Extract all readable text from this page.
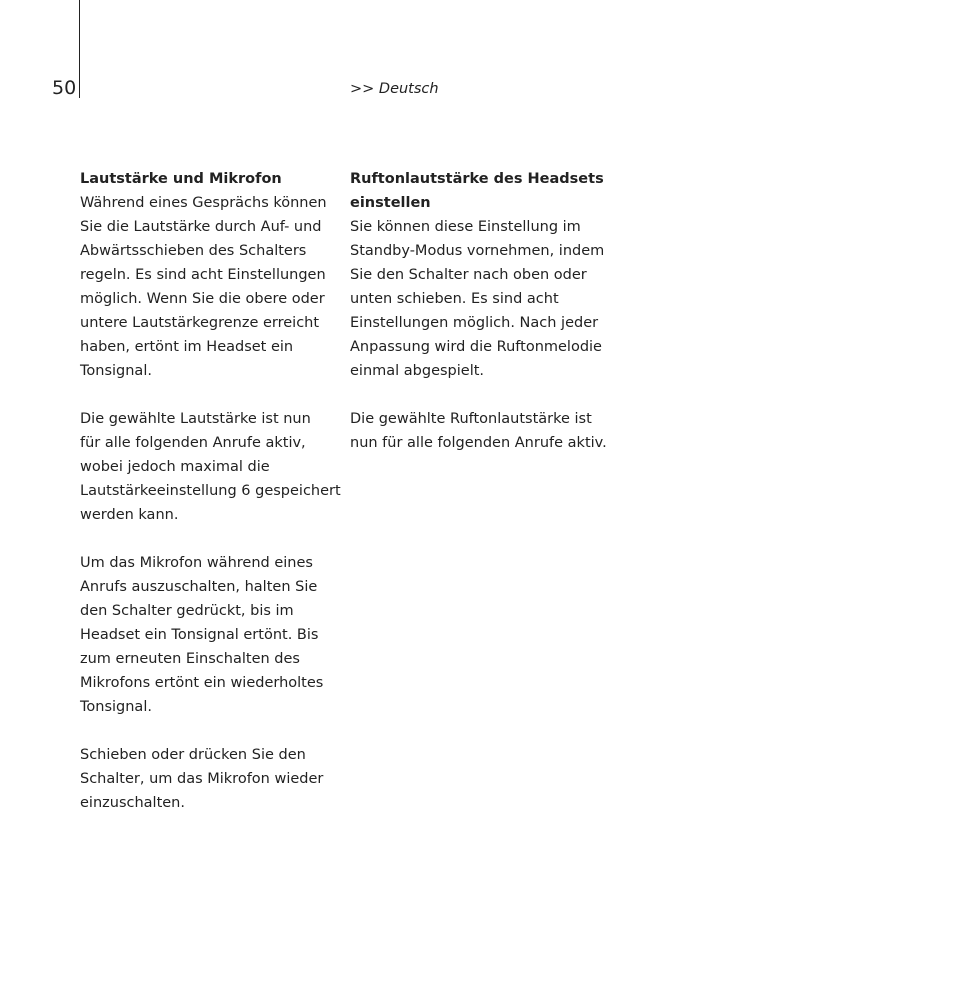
50	>> Deutsch
Lautstärke und Mikrofon
Während eines Gesprächs können
Sie die Lautstärke durch Auf- und
Abwärtsschieben des Schalters
regeln. Es sind acht Einstellungen
möglich. Wenn Sie die obere oder
untere Lautstärkegrenze erreicht
haben, ertönt im Headset ein
Tonsignal.
Die gewählte Lautstärke ist nun
für alle folgenden Anrufe aktiv,
wobei jedoch maximal die
Lautstärkeeinstellung 6 gespeichert
werden kann.
Um das Mikrofon während eines
Anrufs auszuschalten, halten Sie
den Schalter gedrückt, bis im
Headset ein Tonsignal ertönt. Bis
zum erneuten Einschalten des
Mikrofons ertönt ein wiederholtes
Tonsignal.
Schieben oder drücken Sie den
Schalter, um das Mikrofon wieder
einzuschalten.
Ruftonlautstärke des Headsets
einstellen
Sie können diese Einstellung im
Standby-Modus vornehmen, indem
Sie den Schalter nach oben oder
unten schieben. Es sind acht
Einstellungen möglich. Nach jeder
Anpassung wird die Ruftonmelodie
einmal abgespielt.
Die gewählte Ruftonlautstärke ist
nun für alle folgenden Anrufe aktiv.
